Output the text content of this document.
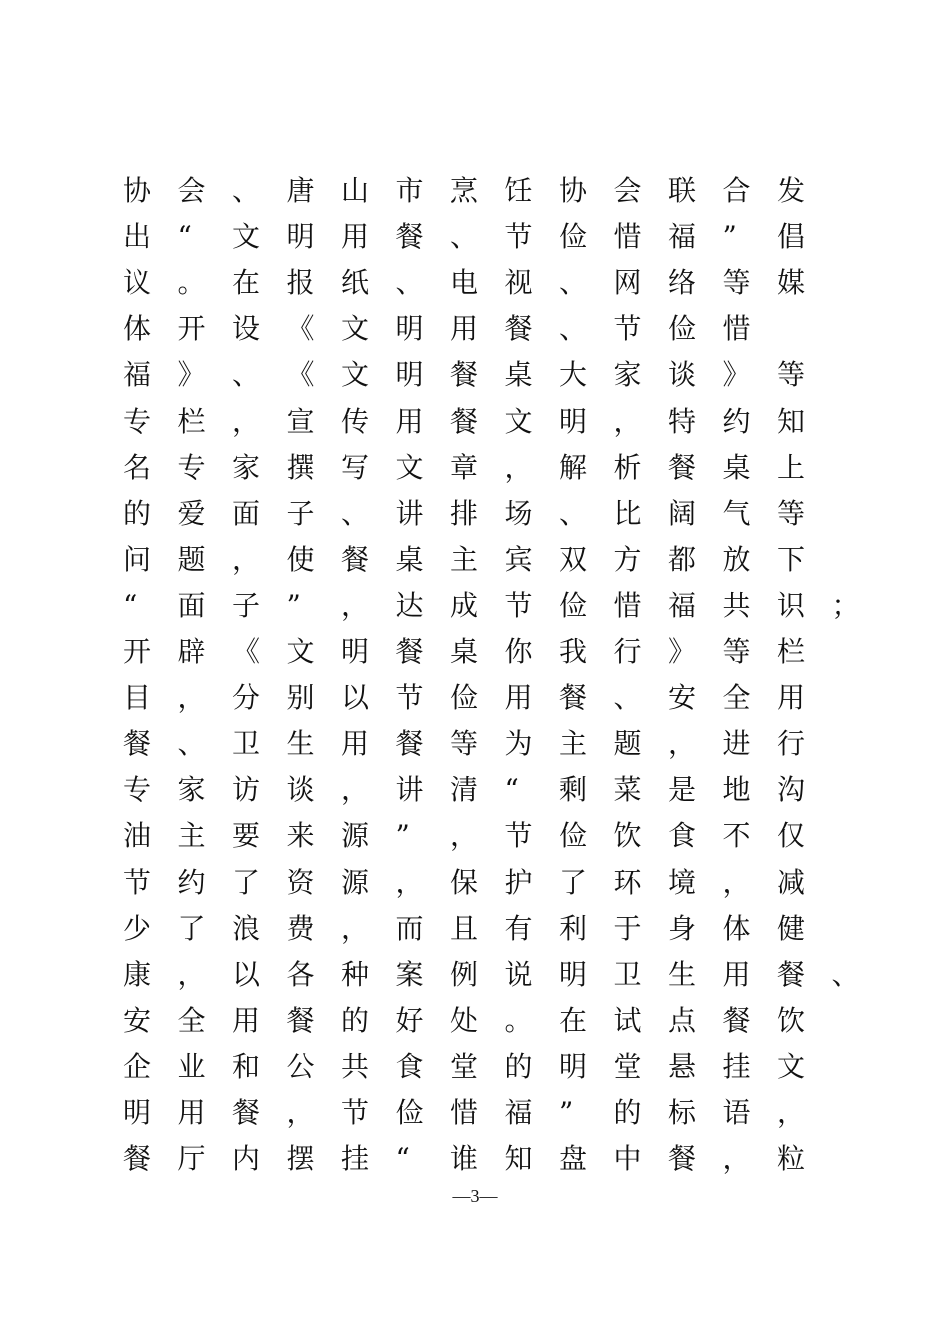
协 会 、 唐 山 市 烹 饪 协 会 联 合 发
出 “ 文 明 用 餐 、 节 俭 惜 福 ” 倡
议 。 在 报 纸 、 电 视 、 网 络 等 媒
体 开 设 《 文 明 用 餐 、 节 俭 惜
福 》 、 《 文 明 餐 桌 大 家 谈 》 等
专 栏 ， 宣 传 用 餐 文 明 ， 特 约 知
名 专 家 撰 写 文 章 ， 解 析 餐 桌 上
的 爱 面 子 、 讲 排 场 、 比 阔 气 等
问 题 ， 使 餐 桌 主 宾 双 方 都 放 下
“ 面 子 ” ， 达 成 节 俭 惜 福 共 识 ；
开 辟 《 文 明 餐 桌 你 我 行 》 等 栏
目 ， 分 别 以 节 俭 用 餐 、 安 全 用
餐 、 卫 生 用 餐 等 为 主 题 ， 进 行
专 家 访 谈 ， 讲 清 “ 剩 菜 是 地 沟
油 主 要 来 源 ” ， 节 俭 饮 食 不 仅
节 约 了 资 源 ， 保 护 了 环 境 ， 减
少 了 浪 费 ， 而 且 有 利 于 身 体 健
康 ， 以 各 种 案 例 说 明 卫 生 用 餐 、
安 全 用 餐 的 好 处 。 在 试 点 餐 饮
企 业 和 公 共 食 堂 的 明 堂 悬 挂 文
明 用 餐 ， 节 俭 惜 福 ” 的 标 语 ，
餐 厅 内 摆 挂 “ 谁 知 盘 中 餐 ， 粒
—3—
